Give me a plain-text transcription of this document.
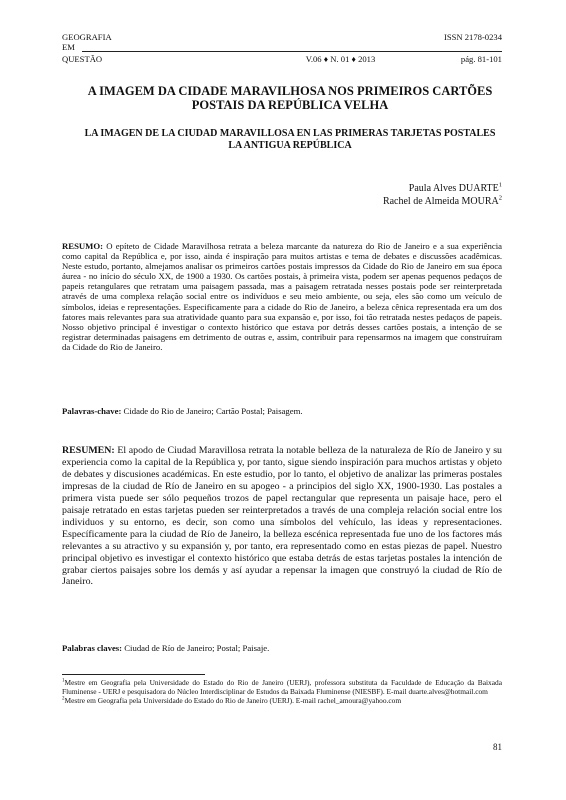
GEOGRAFIA	ISSN 2178-0234
EM
QUESTÃO	V.06 ♦ N. 01 ♦ 2013	pág. 81-101
A IMAGEM DA CIDADE MARAVILHOSA NOS PRIMEIROS CARTÕES POSTAIS DA REPÚBLICA VELHA
LA IMAGEN DE LA CIUDAD MARAVILLOSA EN LAS PRIMERAS TARJETAS POSTALES LA ANTIGUA REPÚBLICA
Paula Alves DUARTE$^1$
Rachel de Almeida MOURA$^2$
RESUMO: O epíteto de Cidade Maravilhosa retrata a beleza marcante da natureza do Rio de Janeiro e a sua experiência como capital da República e, por isso, ainda é inspiração para muitos artistas e tema de debates e discussões acadêmicas. Neste estudo, portanto, almejamos analisar os primeiros cartões postais impressos da Cidade do Rio de Janeiro em sua época áurea - no início do século XX, de 1900 a 1930. Os cartões postais, à primeira vista, podem ser apenas pequenos pedaços de papeis retangulares que retratam uma paisagem passada, mas a paisagem retratada nesses postais pode ser reinterpretada através de uma complexa relação social entre os indivíduos e seu meio ambiente, ou seja, eles são como um veículo de símbolos, ideias e representações. Especificamente para a cidade do Rio de Janeiro, a beleza cênica representada era um dos fatores mais relevantes para sua atratividade quanto para sua expansão e, por isso, foi tão retratada nestes pedaços de papeis. Nosso objetivo principal é investigar o contexto histórico que estava por detrás desses cartões postais, a intenção de se registrar determinadas paisagens em detrimento de outras e, assim, contribuir para repensarmos na imagem que construíram da Cidade do Rio de Janeiro.
Palavras-chave: Cidade do Rio de Janeiro; Cartão Postal; Paisagem.
RESUMEN: El apodo de Ciudad Maravillosa retrata la notable belleza de la naturaleza de Río de Janeiro y su experiencia como la capital de la República y, por tanto, sigue siendo inspiración para muchos artistas y objeto de debates y discusiones académicas. En este estudio, por lo tanto, el objetivo de analizar las primeras postales impresas de la ciudad de Río de Janeiro en su apogeo - a principios del siglo XX, 1900-1930. Las postales a primera vista puede ser sólo pequeños trozos de papel rectangular que representa un paisaje hace, pero el paisaje retratado en estas tarjetas pueden ser reinterpretados a través de una compleja relación social entre los individuos y su entorno, es decir, son como una símbolos del vehículo, las ideas y representaciones. Específicamente para la ciudad de Río de Janeiro, la belleza escénica representada fue uno de los factores más relevantes a su atractivo y su expansión y, por tanto, era representado como en estas piezas de papel. Nuestro principal objetivo es investigar el contexto histórico que estaba detrás de estas tarjetas postales la intención de grabar ciertos paisajes sobre los demás y así ayudar a repensar la imagen que construyó la ciudad de Río de Janeiro.
Palabras claves: Ciudad de Río de Janeiro; Postal; Paisaje.
$^1$Mestre em Geografia pela Universidade do Estado do Rio de Janeiro (UERJ), professora substituta da Faculdade de Educação da Baixada Fluminense - UERJ e pesquisadora do Núcleo Interdisciplinar de Estudos da Baixada Fluminense (NIESBF). E-mail duarte.alves@hotmail.com
$^2$Mestre em Geografia pela Universidade do Estado do Rio de Janeiro (UERJ). E-mail rachel_amoura@yahoo.com
81
